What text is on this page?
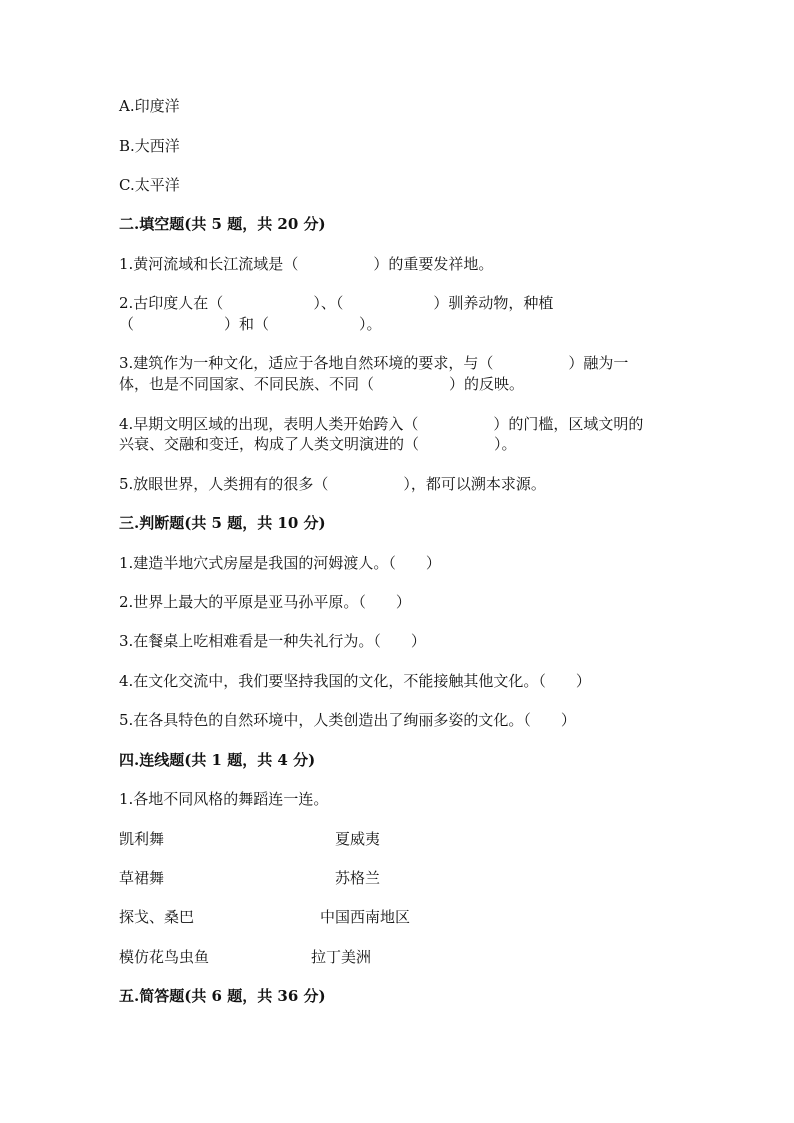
A.印度洋
B.大西洋
C.太平洋
二.填空题(共 5 题，共 20 分)
1.黄河流域和长江流域是（　　　　　）的重要发祥地。
2.古印度人在（　　　　　　）、（　　　　　　）驯养动物，种植
（　　　　　　）和（　　　　　　）。
3.建筑作为一种文化，适应于各地自然环境的要求，与（　　　　　）融为一
体，也是不同国家、不同民族、不同（　　　　　）的反映。
4.早期文明区域的出现，表明人类开始跨入（　　　　　）的门槛，区域文明的
兴衰、交融和变迁，构成了人类文明演进的（　　　　　）。
5.放眼世界，人类拥有的很多（　　　　　），都可以溯本求源。
三.判断题(共 5 题，共 10 分)
1.建造半地穴式房屋是我国的河姆渡人。（　　）
2.世界上最大的平原是亚马孙平原。（　　）
3.在餐桌上吃相难看是一种失礼行为。（　　）
4.在文化交流中，我们要坚持我国的文化，不能接触其他文化。（　　）
5.在各具特色的自然环境中，人类创造出了绚丽多姿的文化。（　　）
四.连线题(共 1 题，共 4 分)
1.各地不同风格的舞蹈连一连。
凯利舞	夏威夷
草裙舞	苏格兰
探戈、桑巴	中国西南地区
模仿花鸟虫鱼	拉丁美洲
五.简答题(共 6 题，共 36 分)
